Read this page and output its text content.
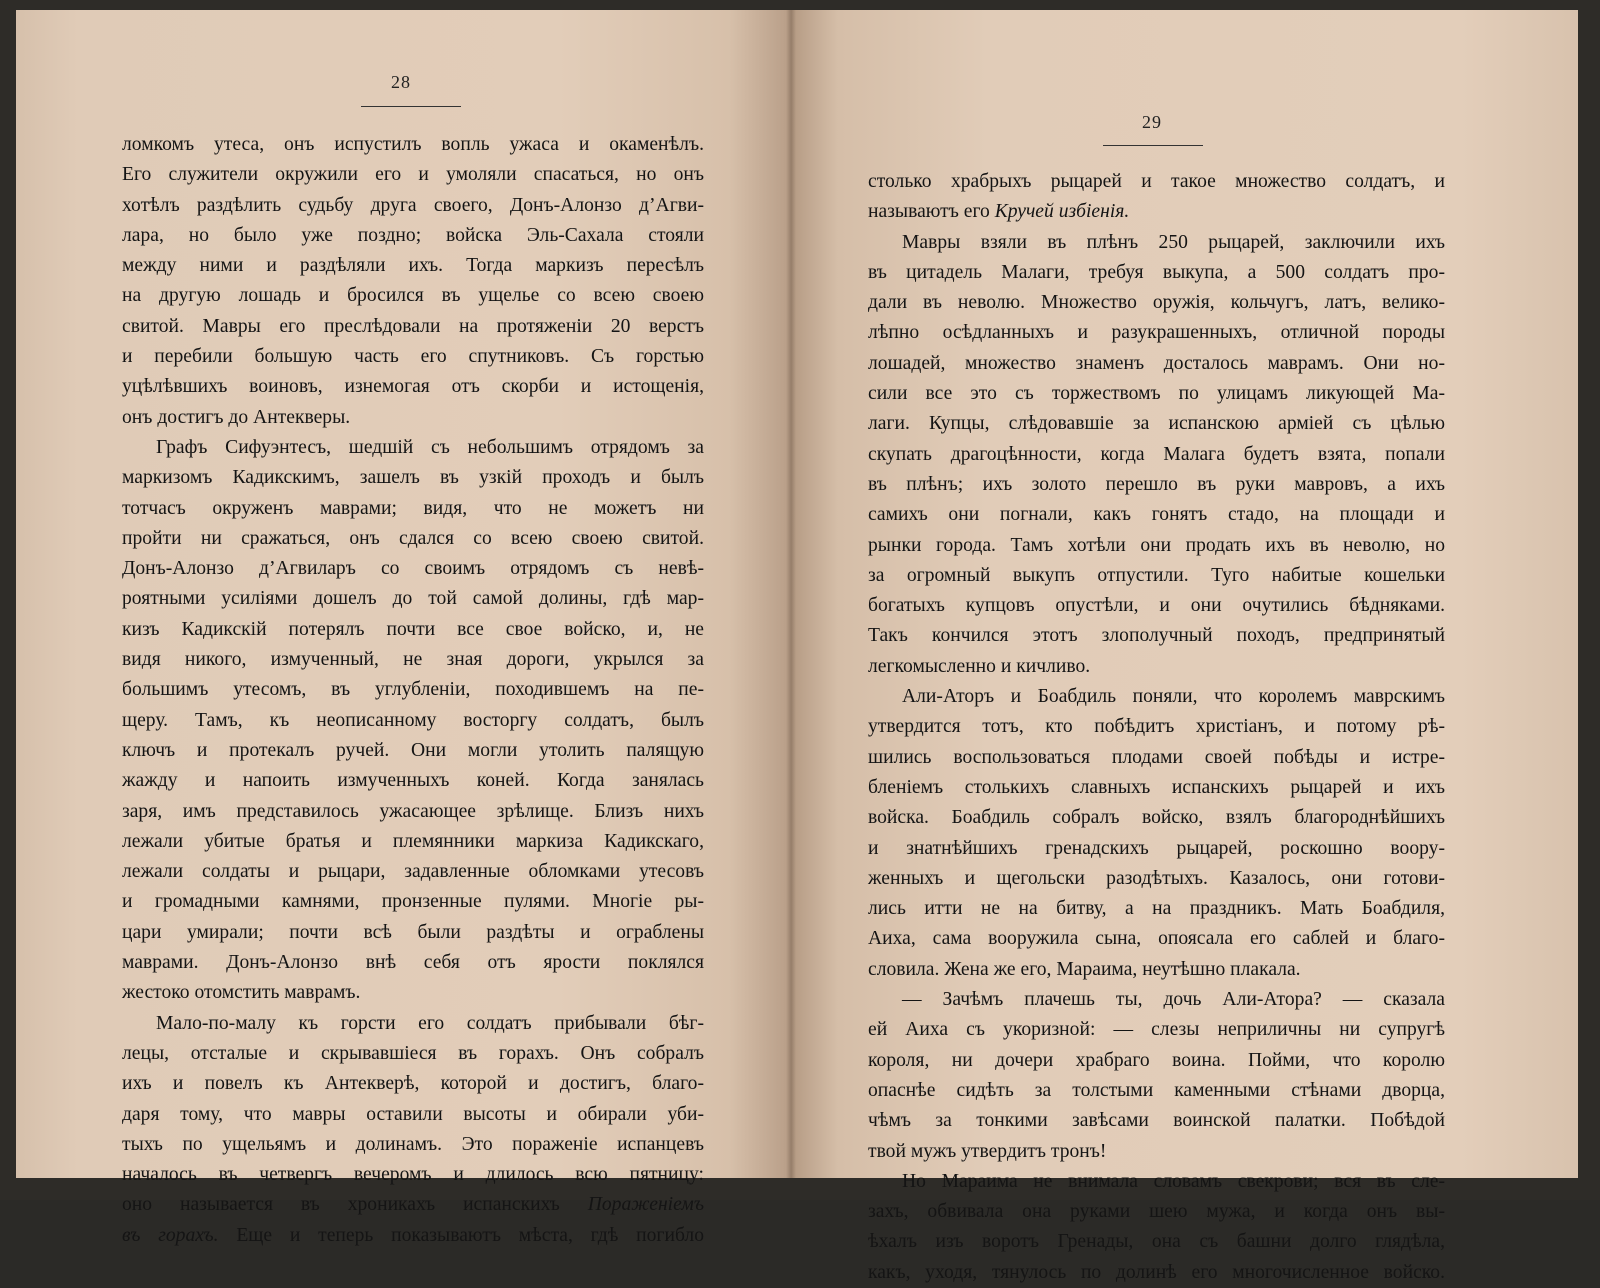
28
ломкомъ утеса, онъ испустилъ вопль ужаса и окаменѣлъ.
Его служители окружили его и умоляли спасаться, но онъ
хотѣлъ раздѣлить судьбу друга своего, Донъ-Алонзо д’Агви-
лара, но было уже поздно; войска Эль-Сахала стояли
между ними и раздѣляли ихъ. Тогда маркизъ пересѣлъ
на другую лошадь и бросился въ ущелье со всею своею
свитой. Мавры его преслѣдовали на протяженіи 20 верстъ
и перебили большую часть его спутниковъ. Съ горстью
уцѣлѣвшихъ воиновъ, изнемогая отъ скорби и истощенія,
онъ достигъ до Антекверы.
Графъ Сифуэнтесъ, шедшій съ небольшимъ отрядомъ за
маркизомъ Кадикскимъ, зашелъ въ узкій проходъ и былъ
тотчасъ окруженъ маврами; видя, что не можетъ ни
пройти ни сражаться, онъ сдался со всею своею свитой.
Донъ-Алонзо д’Агвиларъ со своимъ отрядомъ съ невѣ-
роятными усиліями дошелъ до той самой долины, гдѣ мар-
кизъ Кадикскій потерялъ почти все свое войско, и, не
видя никого, измученный, не зная дороги, укрылся за
большимъ утесомъ, въ углубленіи, походившемъ на пе-
щеру. Тамъ, къ неописанному восторгу солдатъ, былъ
ключъ и протекалъ ручей. Они могли утолить палящую
жажду и напоить измученныхъ коней. Когда занялась
заря, имъ представилось ужасающее зрѣлище. Близъ нихъ
лежали убитые братья и племянники маркиза Кадикскаго,
лежали солдаты и рыцари, задавленные обломками утесовъ
и громадными камнями, пронзенные пулями. Многіе ры-
цари умирали; почти всѣ были раздѣты и ограблены
маврами. Донъ-Алонзо внѣ себя отъ ярости поклялся
жестоко отомстить маврамъ.
Мало-по-малу къ горсти его солдатъ прибывали бѣг-
лецы, отсталые и скрывавшіеся въ горахъ. Онъ собралъ
ихъ и повелъ къ Антекверѣ, которой и достигъ, благо-
даря тому, что мавры оставили высоты и обирали уби-
тыхъ по ущельямъ и долинамъ. Это пораженіе испанцевъ
началось въ четвергъ вечеромъ и длилось всю пятницу:
оно называется въ хроникахъ испанскихъ Пораженіемъ
въ горахъ. Еще и теперь показываютъ мѣста, гдѣ погибло
29
столько храбрыхъ рыцарей и такое множество солдатъ, и
называютъ его Кручей избіенія.
Мавры взяли въ плѣнъ 250 рыцарей, заключили ихъ
въ цитадель Малаги, требуя выкупа, а 500 солдатъ про-
дали въ неволю. Множество оружія, кольчугъ, латъ, велико-
лѣпно осѣдланныхъ и разукрашенныхъ, отличной породы
лошадей, множество знаменъ досталось маврамъ. Они но-
сили все это съ торжествомъ по улицамъ ликующей Ма-
лаги. Купцы, слѣдовавшіе за испанскою арміей съ цѣлью
скупать драгоцѣнности, когда Малага будетъ взята, попали
въ плѣнъ; ихъ золото перешло въ руки мавровъ, а ихъ
самихъ они погнали, какъ гонятъ стадо, на площади и
рынки города. Тамъ хотѣли они продать ихъ въ неволю, но
за огромный выкупъ отпустили. Туго набитые кошельки
богатыхъ купцовъ опустѣли, и они очутились бѣдняками.
Такъ кончился этотъ злополучный походъ, предпринятый
легкомысленно и кичливо.
Али-Аторъ и Боабдиль поняли, что королемъ маврскимъ
утвердится тотъ, кто побѣдитъ христіанъ, и потому рѣ-
шились воспользоваться плодами своей побѣды и истре-
бленіемъ столькихъ славныхъ испанскихъ рыцарей и ихъ
войска. Боабдиль собралъ войско, взялъ благороднѣйшихъ
и знатнѣйшихъ гренадскихъ рыцарей, роскошно воору-
женныхъ и щегольски разодѣтыхъ. Казалось, они готови-
лись итти не на битву, а на праздникъ. Мать Боабдиля,
Аиха, сама вооружила сына, опоясала его саблей и благо-
словила. Жена же его, Мараима, неутѣшно плакала.
— Зачѣмъ плачешь ты, дочь Али-Атора? — сказала
ей Аиха съ укоризной: — слезы неприличны ни супругѣ
короля, ни дочери храбраго воина. Пойми, что королю
опаснѣе сидѣть за толстыми каменными стѣнами дворца,
чѣмъ за тонкими завѣсами воинской палатки. Побѣдой
твой мужъ утвердитъ тронъ!
Но Мараима не внимала словамъ свекрови; вся въ сле-
захъ, обвивала она руками шею мужа, и когда онъ вы-
ѣхалъ изъ воротъ Гренады, она съ башни долго глядѣла,
какъ, уходя, тянулось по долинѣ его многочисленное войско.
